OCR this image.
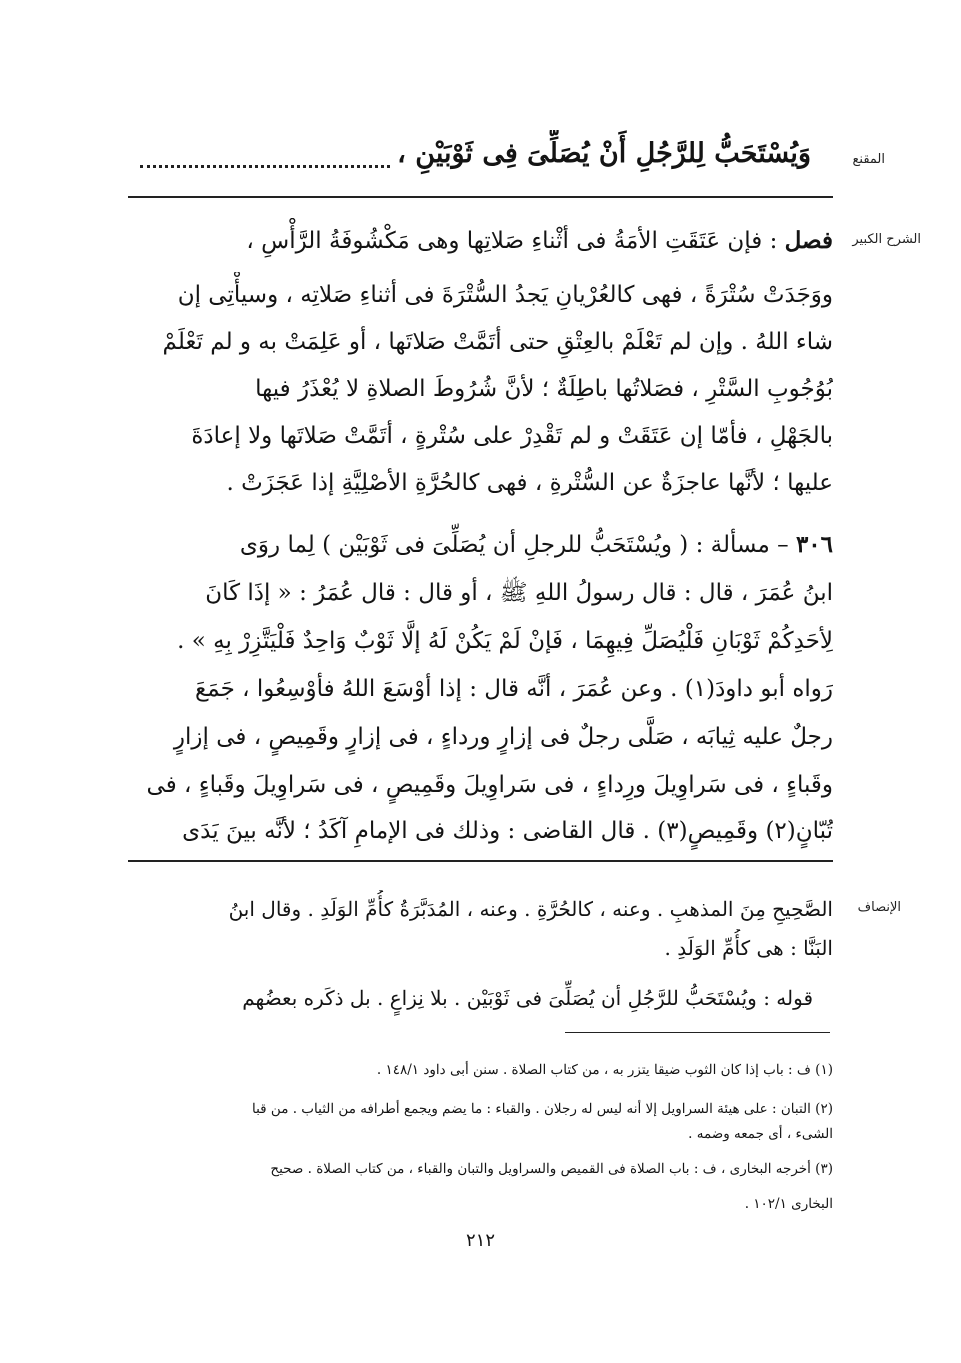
المقنع
وَيُسْتَحَبُّ لِلرَّجُلِ أَنْ يُصَلِّىَ فِى ثَوْبَيْنِ ،
الشرح الكبير
فصل : فإن عَتَقَتِ الأمَةُ فى أثْناءِ صَلاتِها وهى مَكْشُوفَةُ الرَّأْسِ ،
ووَجَدَتْ سُتْرَةً ، فهى كالعُرْيانِ يَجدُ السُّتْرَةَ فى أثناءِ صَلاتِه ، وسيأْتِى إن
شاء اللهُ . وإن لم تَعْلَمْ بالعِتْقِ حتى أتَمَّتْ صَلاتَها ، أو عَلِمَتْ به و لم تَعْلَمْ
بُوُجُوبِ السَّتْرِ ، فصَلاتُها باطِلَةٌ ؛ لأنَّ شُرُوطَ الصلاةِ لا يُعْذَرُ فيها
بالجَهْلِ ، فأمّا إن عَتَقَتْ و لم تَقْدِرْ على سُتْرةٍ ، أتَمَّتْ صَلاتَها ولا إعادَةَ
عليها ؛ لأنَّها عاجزَةٌ عن السُّتْرةِ ، فهى كالحُرَّةِ الأصْلِيَّةِ إذا عَجَزَتْ .
٣٠٦ – مسألة : ( ويُسْتَحَبُّ للرجلِ أن يُصَلِّىَ فى ثَوْبَيْن ) لِما روَى
ابنُ عُمَرَ ، قال : قال رسولُ اللهِ ﷺ ، أو قال : قال عُمَرُ : « إذَا كَانَ
لِأحَدِكُمْ ثَوْبَانِ فَلْيُصَلِّ فِيهِمَا ، فَإنْ لَمْ يَكُنْ لَهُ إلَّا ثَوْبٌ وَاحِدٌ فَلْيَتَّزِرْ بِهِ » .
رَواه أبو داودَ(١) . وعن عُمَرَ ، أنَّه قال : إذا أوْسَعَ اللهُ فأوْسِعُوا ، جَمَعَ
رجلٌ عليه ثِيابَه ، صَلَّى رجلٌ فى إزارٍ ورداءٍ ، فى إزارٍ وقَمِيصٍ ، فى إزارٍ
وقَباءٍ ، فى سَراوِيلَ ورِداءٍ ، فى سَراوِيلَ وقَمِيصٍ ، فى سَراوِيلَ وقَباءٍ ، فى
تُبّانٍ(٢) وقَمِيصٍ(٣) . قال القاضى : وذلك فى الإمامِ آكَدُ ؛ لأنَّه بينَ يَدَى
الإنصاف
الصَّحِيحِ مِنَ المذهبِ . وعنه ، كالحُرَّةِ . وعنه ، المُدَبَّرَةُ كأُمِّ الوَلَدِ . وقال ابنُ
البَنَّا : هى كأُمِّ الوَلَدِ .
قوله : ويُسْتَحَبُّ للرَّجُلِ أن يُصَلِّىَ فى ثَوْبَيْن . بلا نِزاعٍ . بل ذكَره بعضُهم
(١) ف : باب إذا كان الثوب ضيقا يتزر به ، من كتاب الصلاة . سنن أبى داود ١٤٨/١ .
(٢) التبان : على هيئة السراويل إلا أنه ليس له رجلان . والقباء : ما يضم ويجمع أطرافه من الثياب . من قبا
الشىء ، أى جمعه وضمه .
(٣) أخرجه البخارى ، ف : باب الصلاة فى القميص والسراويل والتبان والقباء ، من كتاب الصلاة . صحيح
البخارى ١٠٢/١ .
٢١٢
